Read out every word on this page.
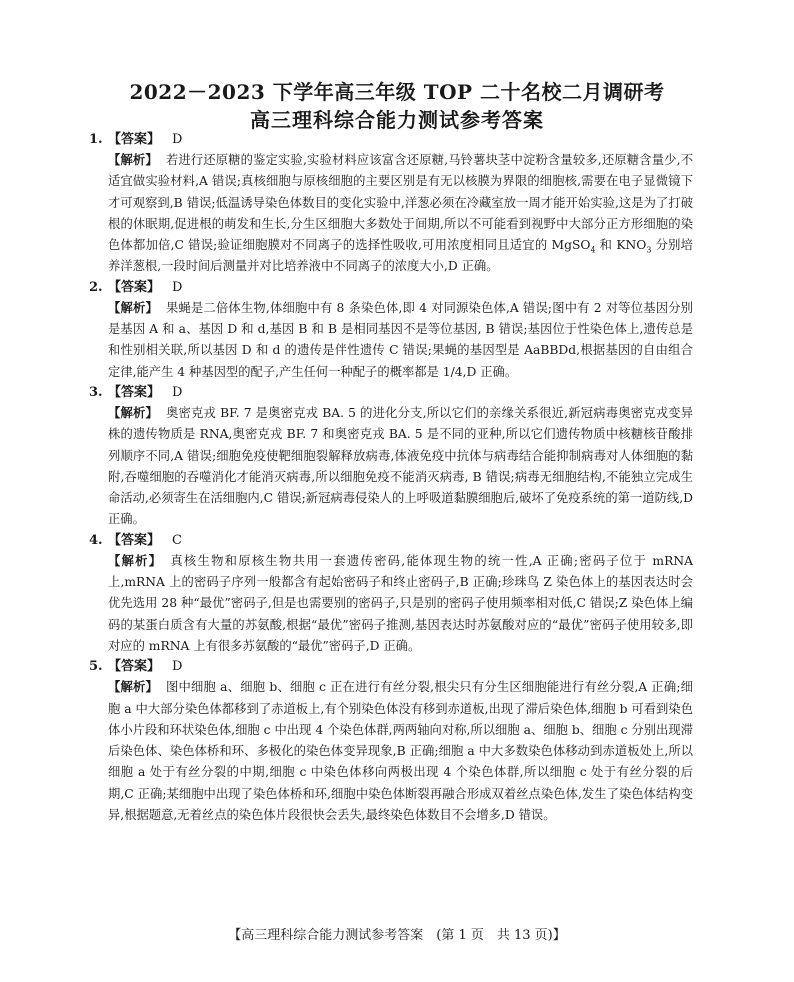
2022－2023 下学年高三年级 TOP 二十名校二月调研考
高三理科综合能力测试参考答案
1. 【答案】 D

【解析】 若进行还原糖的鉴定实验,实验材料应该富含还原糖,马铃薯块茎中淀粉含量较多,还原糖含量少,不适宜做实验材料,A 错误;真核细胞与原核细胞的主要区别是有无以核膜为界限的细胞核,需要在电子显微镜下才可观察到,B 错误;低温诱导染色体数目的变化实验中,洋葱必须在冷藏室放一周才能开始实验,这是为了打破根的休眠期,促进根的萌发和生长,分生区细胞大多数处于间期,所以不可能看到视野中大部分正方形细胞的染色体都加倍,C 错误;验证细胞膜对不同离子的选择性吸收,可用浓度相同且适宜的 MgSO$_4$ 和 $KNO_3$ 分别培养洋葱根,一段时间后测量并对比培养液中不同离子的浓度大小,D 正确。

2. 【答案】 D

【解析】 果蝇是二倍体生物,体细胞中有 8 条染色体,即 4 对同源染色体,A 错误;图中有 2 对等位基因分别是基因 A 和 a、基因 D 和 d,基因 B 和 B 是相同基因不是等位基因, B 错误;基因位于性染色体上,遗传总是和性别相关联,所以基因 D 和 d 的遗传是伴性遗传 C 错误;果蝇的基因型是 AaBBDd,根据基因的自由组合定律,能产生 4 种基因型的配子,产生任何一种配子的概率都是 1/4,D 正确。

3. 【答案】 D

【解析】 奥密克戎 BF. 7 是奥密克戎 BA. 5 的进化分支,所以它们的亲缘关系很近,新冠病毒奥密克戎变异株的遗传物质是 RNA,奥密克戎 BF. 7 和奥密克戎 BA. 5 是不同的亚种,所以它们遗传物质中核糖核苷酸排列顺序不同,A 错误;细胞免疫使靶细胞裂解释放病毒,体液免疫中抗体与病毒结合能抑制病毒对人体细胞的黏附,吞噬细胞的吞噬消化才能消灭病毒,所以细胞免疫不能消灭病毒, B 错误;病毒无细胞结构,不能独立完成生命活动,必须寄生在活细胞内,C 错误;新冠病毒侵染人的上呼吸道黏膜细胞后,破坏了免疫系统的第一道防线,D 正确。

4. 【答案】 C

【解析】 真核生物和原核生物共用一套遗传密码,能体现生物的统一性,A 正确;密码子位于 mRNA 上,mRNA 上的密码子序列一般都含有起始密码子和终止密码子,B 正确;珍珠鸟 Z 染色体上的基因表达时会优先选用 28 种“最优”密码子,但是也需要别的密码子,只是别的密码子使用频率相对低,C 错误;Z 染色体上编码的某蛋白质含有大量的苏氨酸,根据“最优”密码子推测,基因表达时苏氨酸对应的“最优”密码子使用较多,即对应的 mRNA 上有很多苏氨酸的“最优”密码子,D 正确。

5. 【答案】 D

【解析】 图中细胞 a、细胞 b、细胞 c 正在进行有丝分裂,根尖只有分生区细胞能进行有丝分裂,A 正确;细胞 a 中大部分染色体都移到了赤道板上,有个别染色体没有移到赤道板,出现了滞后染色体,细胞 b 可看到染色体小片段和环状染色体,细胞 c 中出现 4 个染色体群,两两轴向对称,所以细胞 a、细胞 b、细胞 c 分别出现滞后染色体、染色体桥和环、多极化的染色体变异现象,B 正确;细胞 a 中大多数染色体移动到赤道板处上,所以细胞 a 处于有丝分裂的中期,细胞 c 中染色体移向两极出现 4 个染色体群,所以细胞 c 处于有丝分裂的后期,C 正确;某细胞中出现了染色体桥和环,细胞中染色体断裂再融合形成双着丝点染色体,发生了染色体结构变异,根据题意,无着丝点的染色体片段很快会丢失,最终染色体数目不会增多,D 错误。

【高三理科综合能力测试参考答案　(第 1 页　共 13 页)】
